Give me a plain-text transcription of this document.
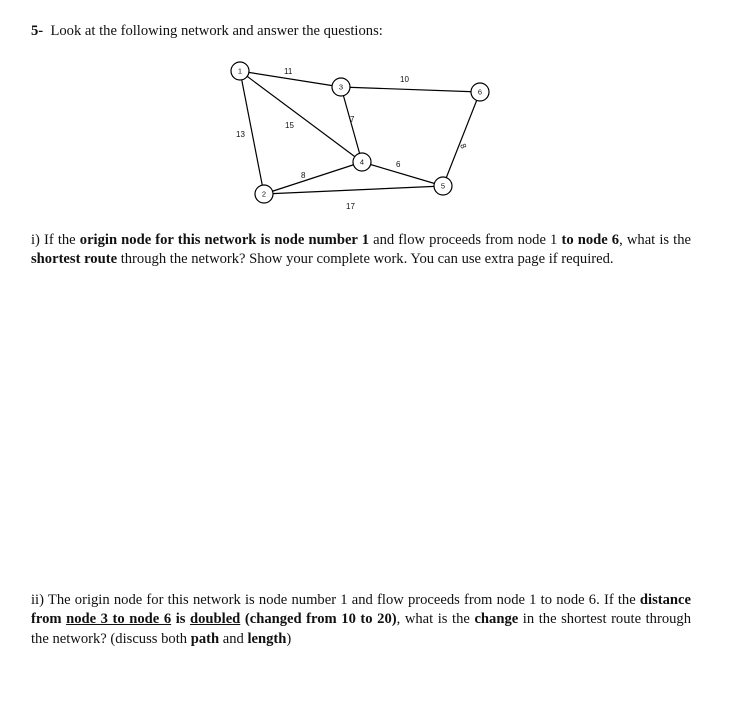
5- Look at the following network and answer the questions:
11
15
13
10
7
8
6
17
8
1
2
3
4
5
6

i) If the origin node for this network is node number 1 and flow proceeds from node 1 to node 6, what is the shortest route through the network? Show your complete work. You can use extra page if required.

ii) The origin node for this network is node number 1 and flow proceeds from node 1 to node 6. If the distance from node 3 to node 6 is doubled (changed from 10 to 20), what is the change in the shortest route through the network? (discuss both path and length)
